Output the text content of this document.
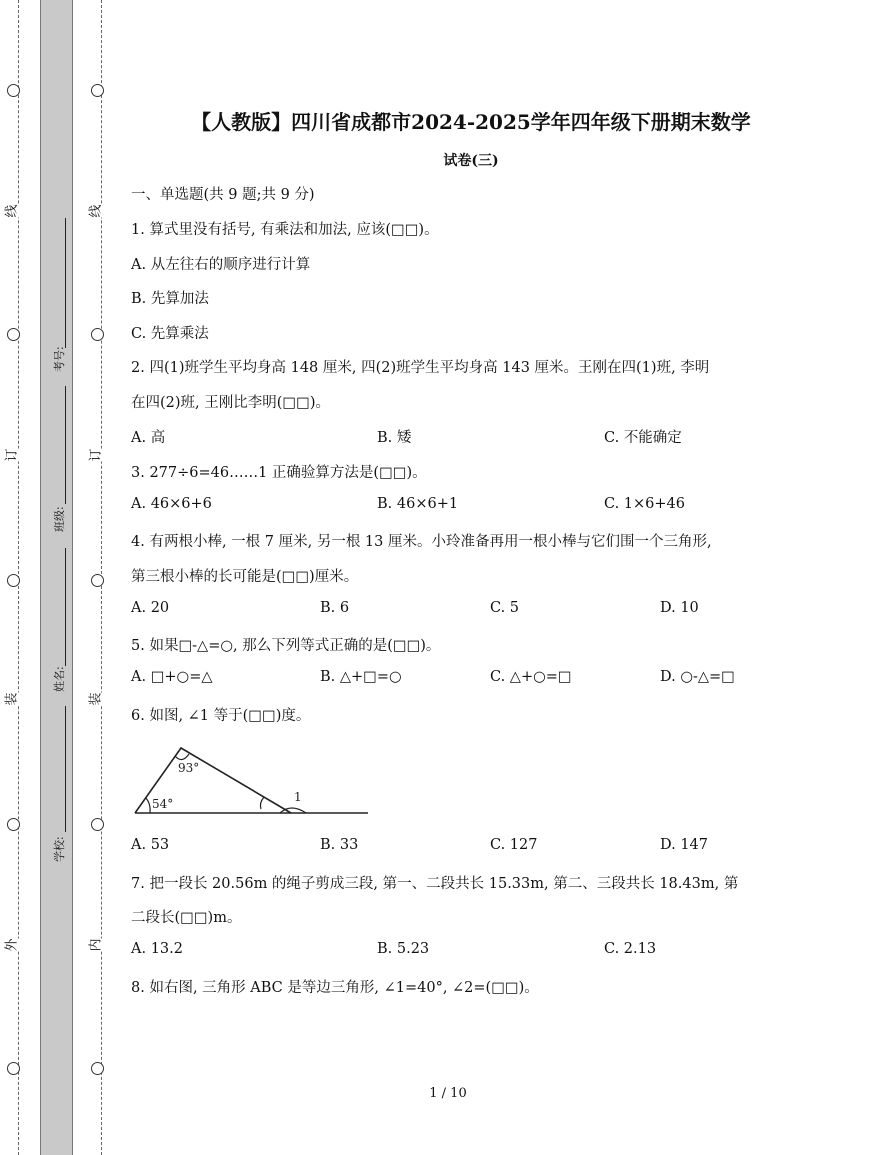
线
订
装
外
线
订
装
内
考号:
班级:
姓名:
学校:
【人教版】四川省成都市2024-2025学年四年级下册期末数学
试卷(三)
一、单选题(共 9 题;共 9 分)
1. 算式里没有括号, 有乘法和加法, 应该(□□)。
A. 从左往右的顺序进行计算
B. 先算加法
C. 先算乘法
2. 四(1)班学生平均身高 148 厘米, 四(2)班学生平均身高 143 厘米。王刚在四(1)班, 李明
在四(2)班, 王刚比李明(□□)。
A. 高	B. 矮	C. 不能确定
3. 277÷6=46……1 正确验算方法是(□□)。
A. 46×6+6	B. 46×6+1	C. 1×6+46
4. 有两根小棒, 一根 7 厘米, 另一根 13 厘米。小玲准备再用一根小棒与它们围一个三角形,
第三根小棒的长可能是(□□)厘米。
A. 20	B. 6	C. 5	D. 10
5. 如果□-△=○, 那么下列等式正确的是(□□)。
A. □+○=△	B. △+□=○	C. △+○=□	D. ○-△=□
6. 如图, ∠1 等于(□□)度。
93°
54°	1
A. 53	B. 33	C. 127	D. 147
7. 把一段长 20.56m 的绳子剪成三段, 第一、二段共长 15.33m, 第二、三段共长 18.43m, 第
二段长(□□)m。
A. 13.2	B. 5.23	C. 2.13
8. 如右图, 三角形 ABC 是等边三角形, ∠1=40°, ∠2=(□□)。
1 / 10
